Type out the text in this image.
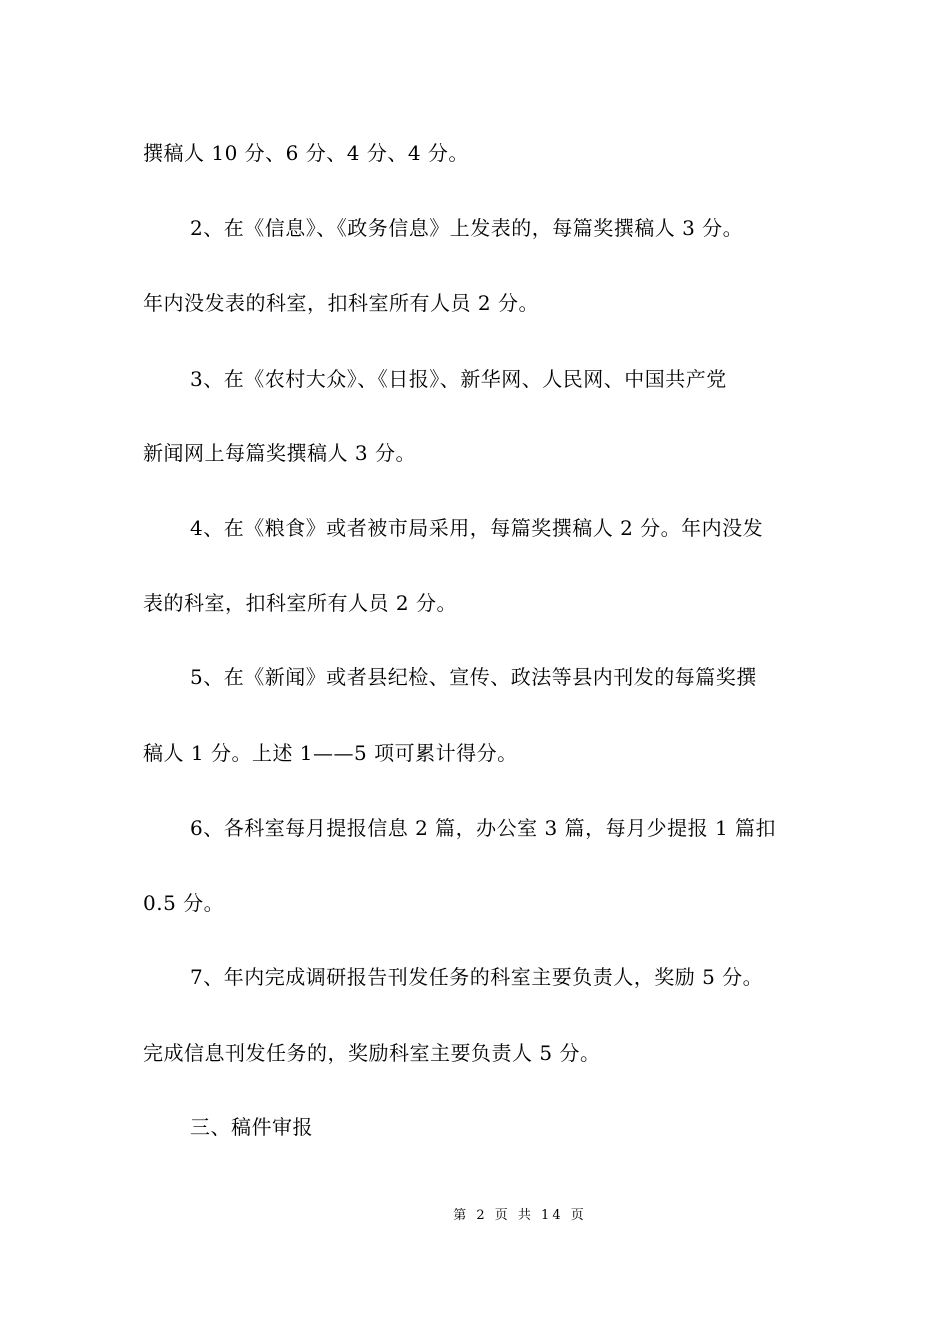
撰稿人 10 分、6 分、4 分、4 分。
2、在《信息》、《政务信息》上发表的，每篇奖撰稿人 3 分。
年内没发表的科室，扣科室所有人员 2 分。
3、在《农村大众》、《日报》、新华网、人民网、中国共产党
新闻网上每篇奖撰稿人 3 分。
4、在《粮食》或者被市局采用，每篇奖撰稿人 2 分。年内没发
表的科室，扣科室所有人员 2 分。
5、在《新闻》或者县纪检、宣传、政法等县内刊发的每篇奖撰
稿人 1 分。上述 1——5 项可累计得分。
6、各科室每月提报信息 2 篇，办公室 3 篇，每月少提报 1 篇扣
0.5 分。
7、年内完成调研报告刊发任务的科室主要负责人，奖励 5 分。
完成信息刊发任务的，奖励科室主要负责人 5 分。
三、稿件审报
第 2 页 共 14 页
